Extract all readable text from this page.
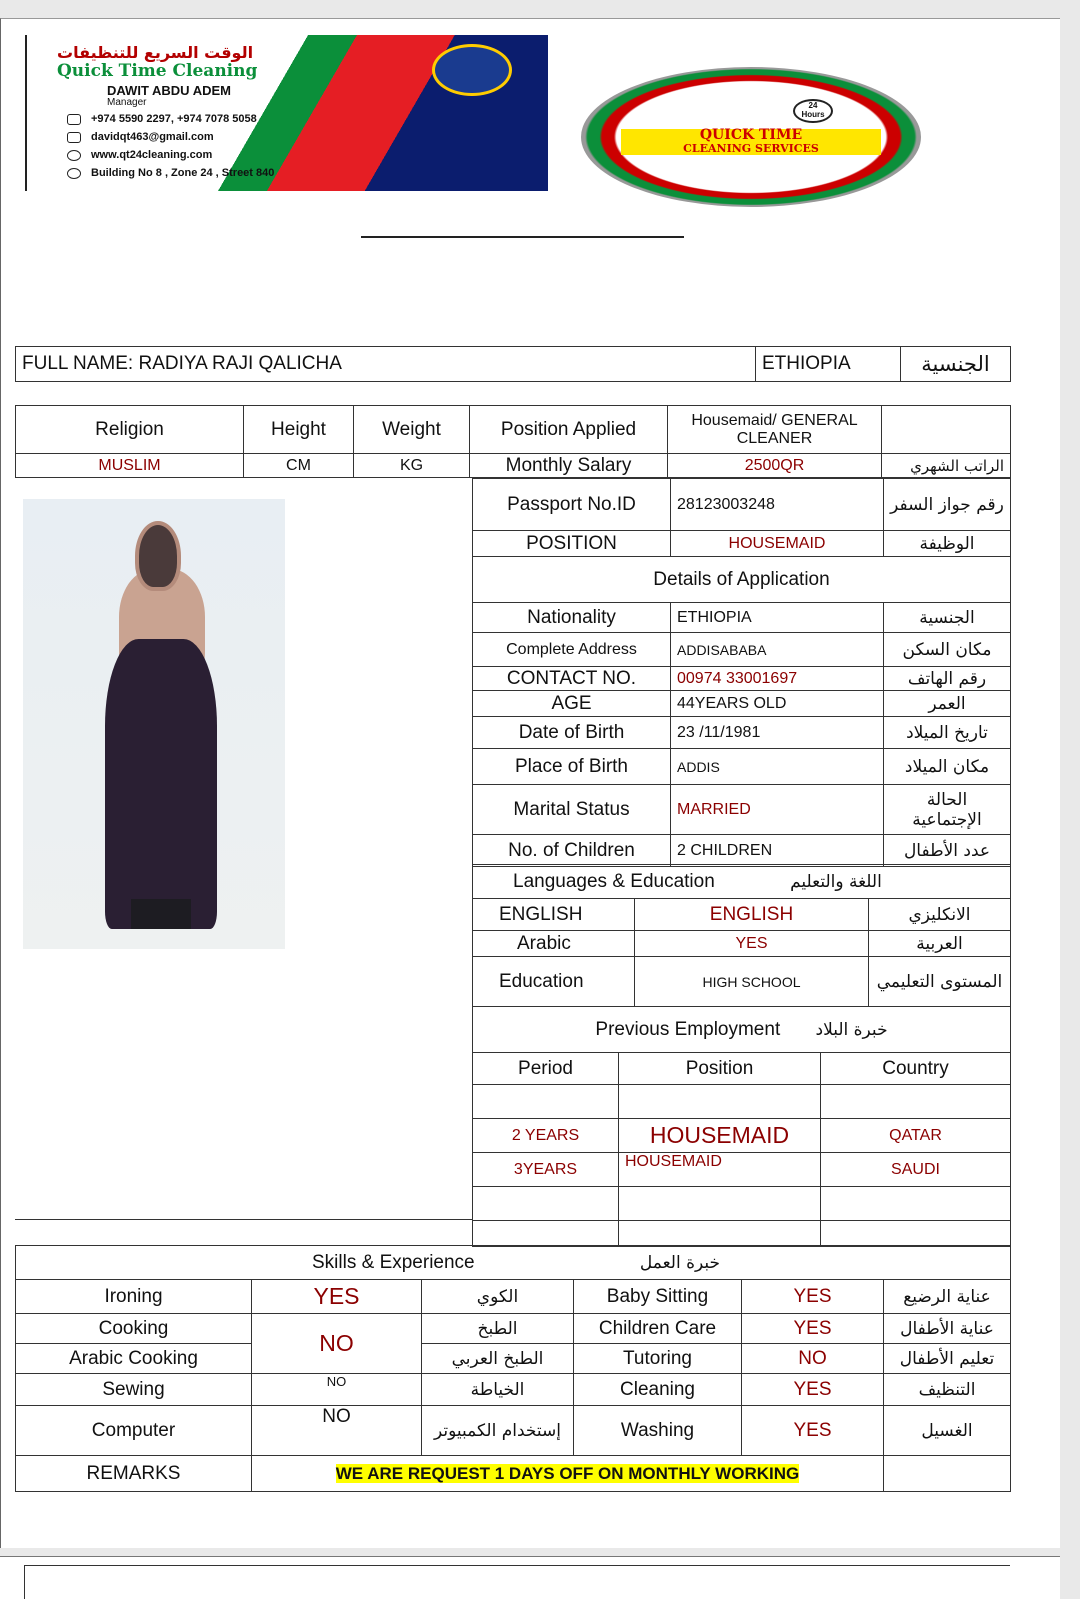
الوقت السريع للتنظيفات
Quick Time Cleaning
DAWIT ABDU ADEM
Manager
+974 5590 2297, +974 7078 5058
davidqt463@gmail.com
www.qt24cleaning.com
Building No 8 , Zone 24 , Street 840
24
Hours
QUICK TIME
CLEANING SERVICES
FULL NAME: RADIYA RAJI QALICHA	ETHIOPIA	الجنسية
Religion	Height	Weight	Position Applied	Housemaid/ GENERAL CLEANER	
MUSLIM	CM	KG	Monthly Salary	2500QR	الراتب الشهري
Passport No.ID	28123003248	رقم جواز السفر
POSITION	HOUSEMAID	الوظيفة
Details of Application		
Nationality	ETHIOPIA	الجنسية
Complete Address	ADDISABABA	مكان السكن
CONTACT NO.	00974 33001697	رقم الهاتف
AGE	44YEARS OLD	العمر
Date of Birth	23 /11/1981	تاريخ الميلاد
Place of Birth	ADDIS	مكان الميلاد
Marital Status	MARRIED	الحالة الإجتماعية
No. of Children	2 CHILDREN	عدد الأطفال
Languages & Education اللغة والتعليم		
ENGLISH	ENGLISH	الانكليزي
Arabic	YES	العربية
Education	HIGH SCHOOL	المستوى التعليمي
Previous Employment خبرة البلاد		
Period	Position	Country

2 YEARS	HOUSEMAID	QATAR
3YEARS	HOUSEMAID	SAUDI

Skills & Experience خبرة العمل					
Ironing	YES	الكوي	Baby Sitting	YES	عناية الرضيع
Cooking	NO	الطبخ	Children Care	YES	عناية الأطفال
Arabic Cooking		الطبخ العربي	Tutoring	NO	تعليم الأطفال
Sewing	NO	الخياطة	Cleaning	YES	التنظيف
Computer	NO	إستخدام الكمبيوتر	Washing	YES	الغسيل
REMARKS	WE ARE REQUEST 1 DAYS OFF ON MONTHLY WORKING				
